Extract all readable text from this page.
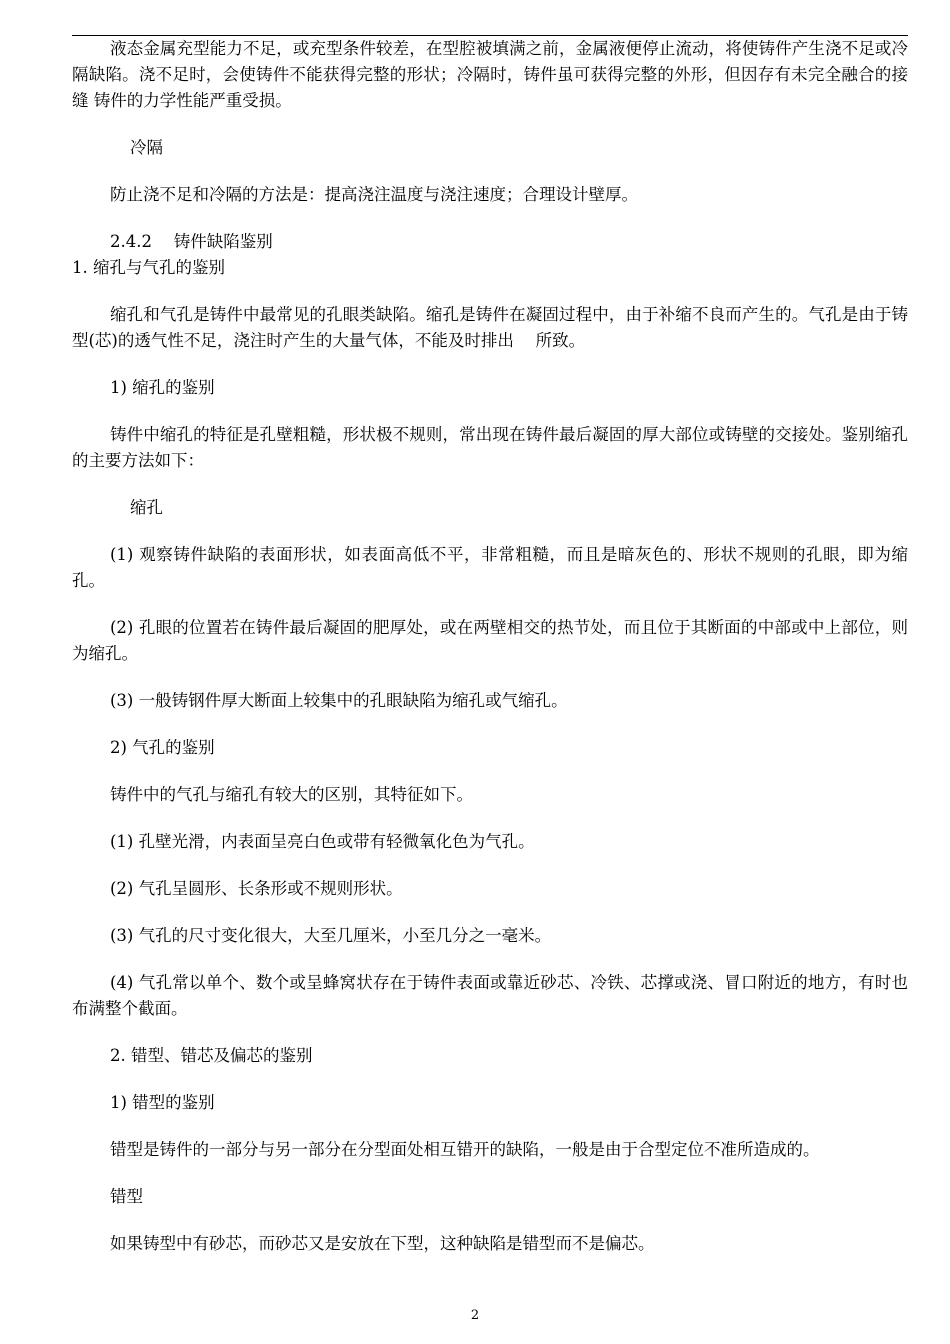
液态金属充型能力不足，或充型条件较差，在型腔被填满之前，金属液便停止流动，将使铸件产生浇不足或冷隔缺陷。浇不足时，会使铸件不能获得完整的形状；冷隔时，铸件虽可获得完整的外形，但因存有未完全融合的接缝 铸件的力学性能严重受损。

冷隔

防止浇不足和冷隔的方法是：提高浇注温度与浇注速度；合理设计壁厚。

2.4.2　 铸件缺陷鉴别

1. 缩孔与气孔的鉴别

缩孔和气孔是铸件中最常见的孔眼类缺陷。缩孔是铸件在凝固过程中，由于补缩不良而产生的。气孔是由于铸型(芯)的透气性不足，浇注时产生的大量气体，不能及时排出　 所致。

1) 缩孔的鉴别

铸件中缩孔的特征是孔壁粗糙，形状极不规则，常出现在铸件最后凝固的厚大部位或铸壁的交接处。鉴别缩孔的主要方法如下：

缩孔

(1) 观察铸件缺陷的表面形状，如表面高低不平，非常粗糙，而且是暗灰色的、形状不规则的孔眼，即为缩孔。

(2) 孔眼的位置若在铸件最后凝固的肥厚处，或在两壁相交的热节处，而且位于其断面的中部或中上部位，则为缩孔。

(3) 一般铸钢件厚大断面上较集中的孔眼缺陷为缩孔或气缩孔。

2) 气孔的鉴别

铸件中的气孔与缩孔有较大的区别，其特征如下。

(1) 孔壁光滑，内表面呈亮白色或带有轻微氧化色为气孔。

(2) 气孔呈圆形、长条形或不规则形状。

(3) 气孔的尺寸变化很大，大至几厘米，小至几分之一毫米。

(4) 气孔常以单个、数个或呈蜂窝状存在于铸件表面或靠近砂芯、冷铁、芯撑或浇、冒口附近的地方，有时也布满整个截面。

2. 错型、错芯及偏芯的鉴别

1) 错型的鉴别

错型是铸件的一部分与另一部分在分型面处相互错开的缺陷，一般是由于合型定位不准所造成的。

错型

如果铸型中有砂芯，而砂芯又是安放在下型，这种缺陷是错型而不是偏芯。

2
